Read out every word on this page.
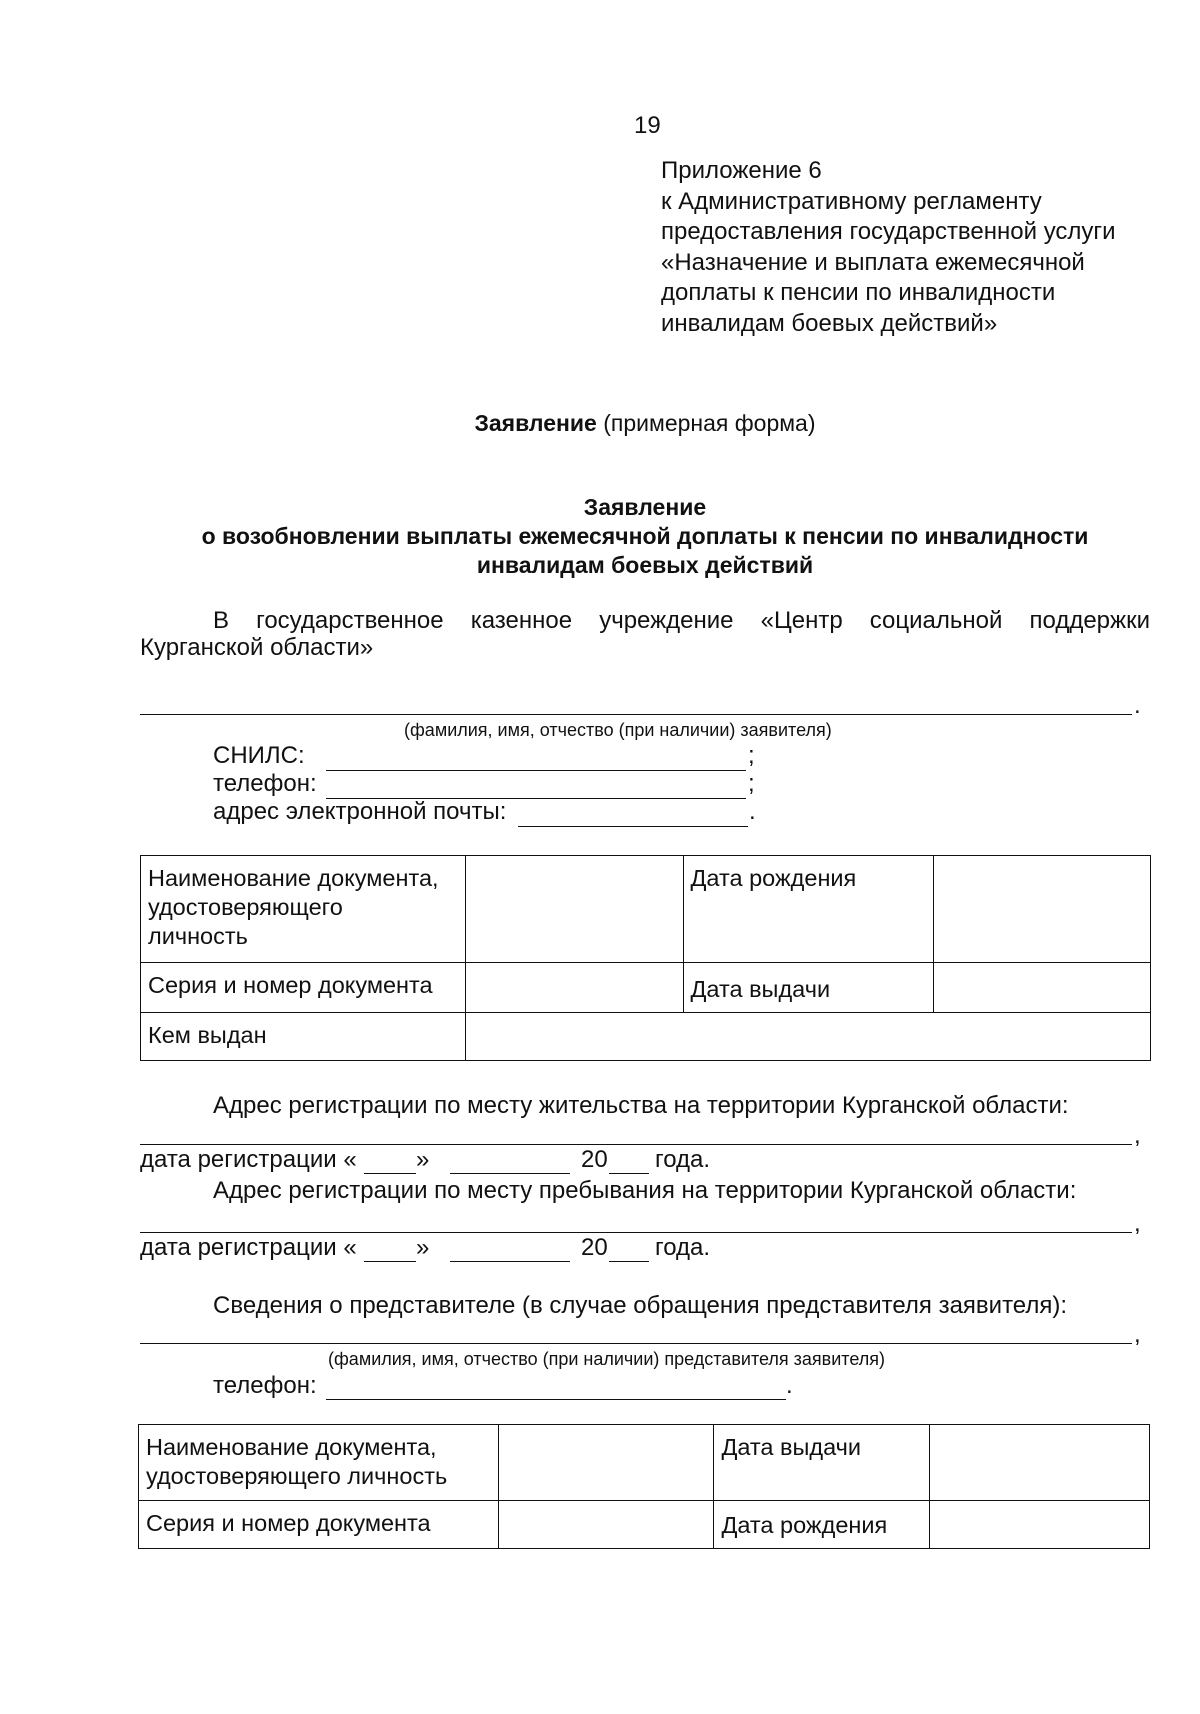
19
Приложение 6
к Административному регламенту
предоставления государственной услуги
«Назначение и выплата ежемесячной
доплаты к пенсии по инвалидности
инвалидам боевых действий»
Заявление (примерная форма)
Заявление
о возобновлении выплаты ежемесячной доплаты к пенсии по инвалидности
инвалидам боевых действий
В государственное казенное учреждение «Центр социальной поддержки
Курганской области»
.
(фамилия, имя, отчество (при наличии) заявителя)
СНИЛС:	;
телефон:	;
адрес электронной почты:	.
Наименование документа,
удостоверяющего
личность		Дата рождения	
Серия и номер документа		Дата выдачи	
Кем выдан			
Адрес регистрации по месту жительства на территории Курганской области:
,
дата регистрации « »	20 года.
Адрес регистрации по месту пребывания на территории Курганской области:
,
дата регистрации « »	20 года.
Сведения о представителе (в случае обращения представителя заявителя):
,
(фамилия, имя, отчество (при наличии) представителя заявителя)
телефон:	.
Наименование документа,
удостоверяющего личность		Дата выдачи	
Серия и номер документа		Дата рождения	
